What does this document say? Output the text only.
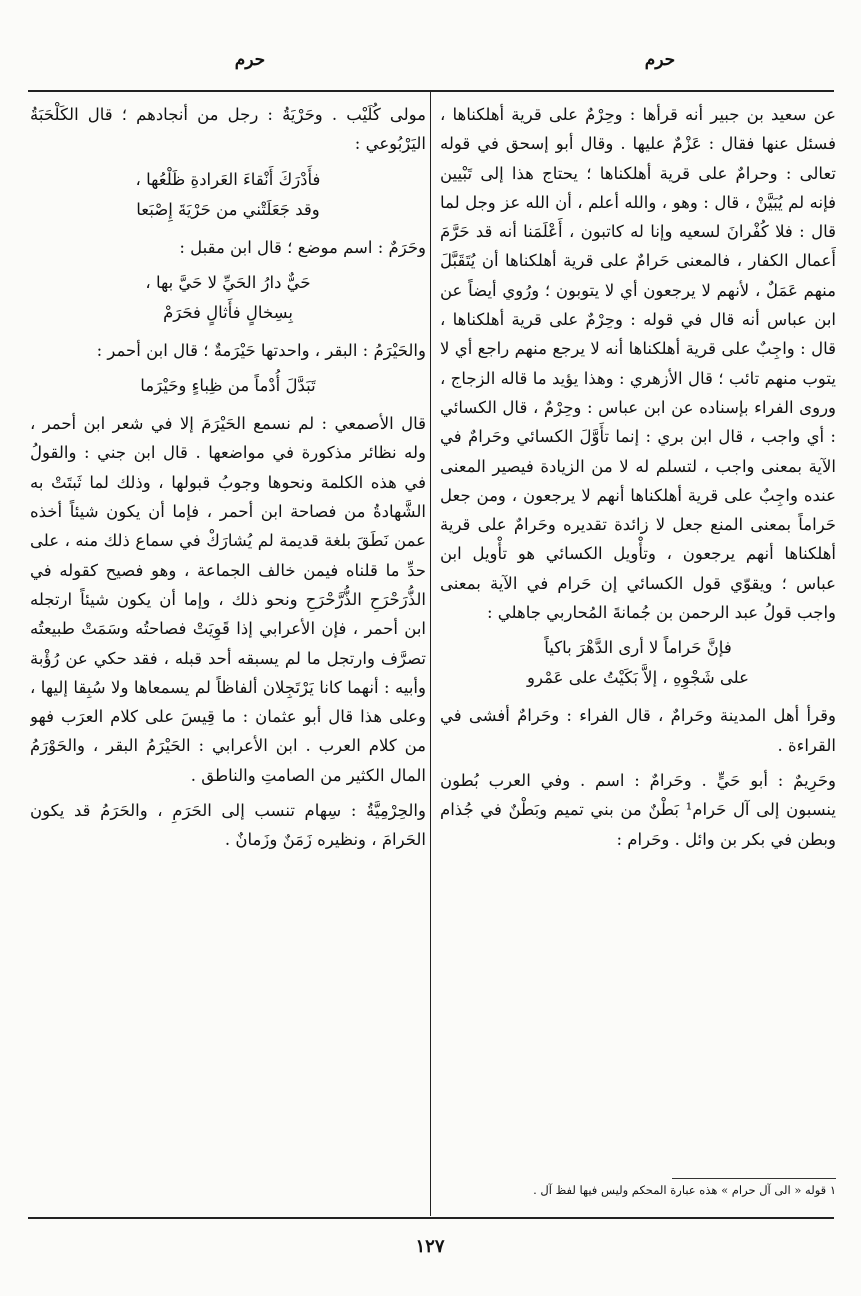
حرم
حرم

عن سعيد بن جبير أنه قرأها : وحِرْمٌ على قرية أهلكناها ، فسئل عنها فقال : عَزْمٌ عليها . وقال أبو إسحق في قوله تعالى : وحرامٌ على قرية أهلكناها ؛ يحتاج هذا إلى تَبْيين فإنه لم يُبَيَّنْ ، قال : وهو ، والله أعلم ، أن الله عز وجل لما قال : فلا كُفْرانَ لسعيه وإنا له كاتبون ، أَعْلَمَنا أنه قد حَرَّمَ أَعمال الكفار ، فالمعنى حَرامٌ على قرية أهلكناها أن يُتَقَبَّلَ منهم عَمَلٌ ، لأنهم لا يرجعون أي لا يتوبون ؛ ورُوي أيضاً عن ابن عباس أنه قال في قوله : وحِرْمٌ على قرية أهلكناها ، قال : واجِبٌ على قرية أهلكناها أنه لا يرجع منهم راجع أي لا يتوب منهم تائب ؛ قال الأزهري : وهذا يؤيد ما قاله الزجاج ، وروى الفراء بإسناده عن ابن عباس : وحِرْمٌ ، قال الكسائي : أي واجب ، قال ابن بري : إنما تأَوَّلَ الكسائي وحَرامٌ في الآية بمعنى واجب ، لتسلم له لا من الزيادة فيصير المعنى عنده واجِبٌ على قرية أهلكناها أنهم لا يرجعون ، ومن جعل حَراماً بمعنى المنع جعل لا زائدة تقديره وحَرامٌ على قرية أهلكناها أنهم يرجعون ، وتأْويل الكسائي هو تأْويل ابن عباس ؛ ويقوّي قول الكسائي إن حَرام في الآية بمعنى واجب قولُ عبد الرحمن بن جُمانةَ المُحاربي جاهلي :

فإنَّ حَراماً لا أرى الدَّهْرَ باكياً
على شَجْوِهِ ، إلاَّ بَكَيْتُ على عَمْرو

وقرأ أهل المدينة وحَرامٌ ، قال الفراء : وحَرامٌ أفشى في القراءة .

وحَرِيمٌ : أبو حَيٍّ . وحَرامٌ : اسم . وفي العرب بُطون ينسبون إلى آل حَرام¹ بَطْنٌ من بني تميم وبَطْنٌ في جُذام وبطن في بكر بن وائل . وحَرام :

١ قوله « الى آل حرام » هذه عبارة المحكم وليس فيها لفظ آل .

مولى كُلَيْب . وحَرْيَةُ : رجل من أنجادهم ؛ قال الكَلْحَبَةُ اليَرْبُوعي :

فأَدْرَكَ أَنْقاءَ العَرادةِ ظَلْعُها ،
وقد جَعَلَتْني من حَرْيَةَ إِصْبَعا

وحَرَمٌ : اسم موضع ؛ قال ابن مقبل :

حَيٌّ دارُ الحَيِّ لا حَيَّ بها ،
بِسِخالٍ فأَثالٍ فحَرَمْ

والحَيْرَمُ : البقر ، واحدتها حَيْرَمةٌ ؛ قال ابن أحمر :

تَبَدَّلَ أُدْماً من ظِباءٍ وحَيْرَما

قال الأصمعي : لم نسمع الحَيْرَمَ إلا في شعر ابن أحمر ، وله نظائر مذكورة في مواضعها . قال ابن جني : والقولُ في هذه الكلمة ونحوها وجوبُ قبولها ، وذلك لما ثَبتَتْ به الشَّهادةُ من فصاحة ابن أحمر ، فإما أن يكون شيئاً أخذه عمن نَطَقَ بلغة قديمة لم يُشارَكْ في سماع ذلك منه ، على حدِّ ما قلناه فيمن خالف الجماعة ، وهو فصيح كقوله في الذُّرَحْرَحِ الذُّرَّحْرَحِ ونحو ذلك ، وإما أن يكون شيئاً ارتجله ابن أحمر ، فإن الأعرابي إذا قَوِيَتْ فصاحتُه وسَمَتْ طبيعتُه تصرَّف وارتجل ما لم يسبقه أحد قبله ، فقد حكي عن رُؤْبة وأبيه : أنهما كانا يَرْتَجِلان ألفاظاً لم يسمعاها ولا سُبِقا إليها ، وعلى هذا قال أبو عثمان : ما قِيسَ على كلام العرَب فهو من كلام العرب . ابن الأعرابي : الحَيْرَمُ البقر ، والحَوْرَمُ المال الكثير من الصامتِ والناطق .

والحِرْمِيَّةُ : سِهام تنسب إلى الحَرَمِ ، والحَرَمُ قد يكون الحَرامَ ، ونظيره زَمَنٌ وزَمانٌ .

١٢٧
